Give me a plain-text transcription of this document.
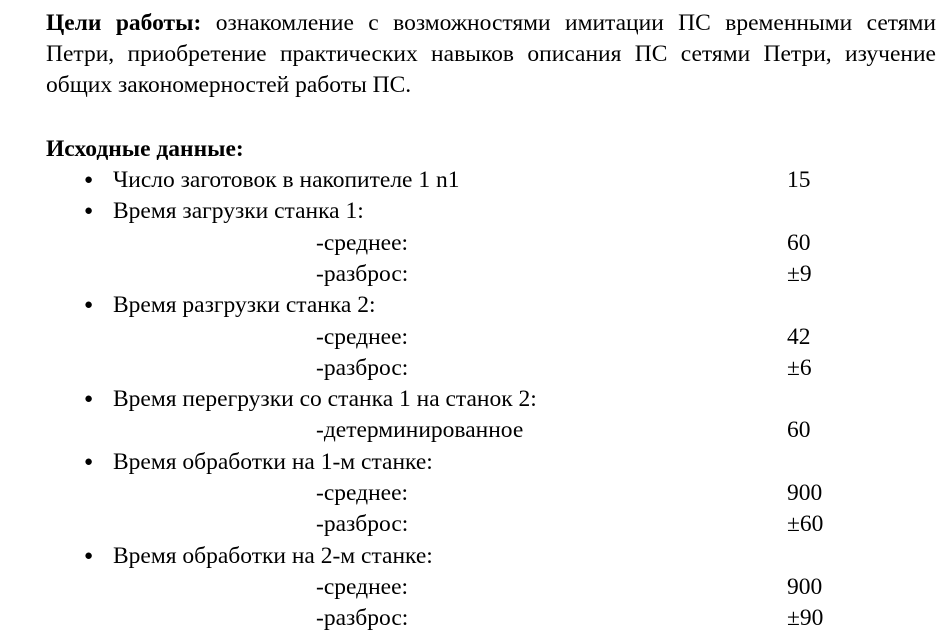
Цели работы: ознакомление с возможностями имитации ПС временными сетями Петри, приобретение практических навыков описания ПС сетями Петри, изучение общих закономерностей работы ПС.

Исходные данные:
● Число заготовок в накопителе 1 n1	15
● Время загрузки станка 1:
-среднее:	60
-разброс:	±9
● Время разгрузки станка 2:
-среднее:	42
-разброс:	±6
● Время перегрузки со станка 1 на станок 2:
-детерминированное	60
● Время обработки на 1-м станке:
-среднее:	900
-разброс:	±60
● Время обработки на 2-м станке:
-среднее:	900
-разброс:	±90
